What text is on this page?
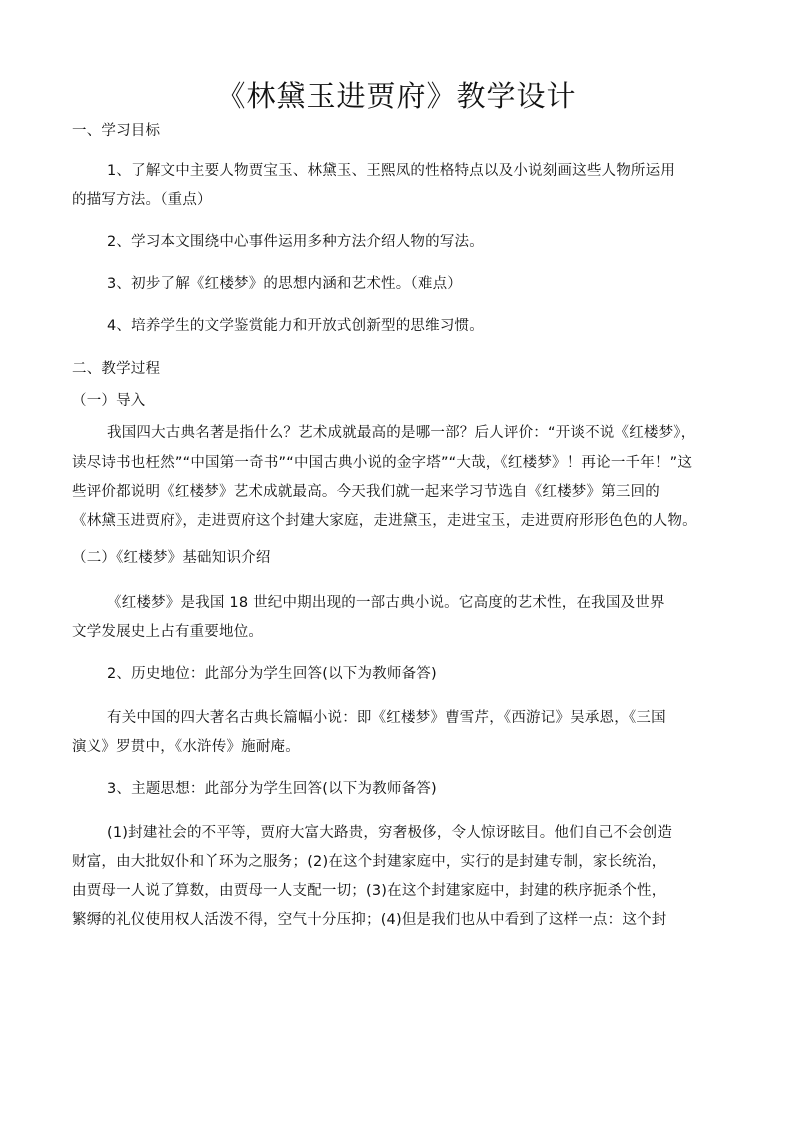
《林黛玉进贾府》教学设计

一、学习目标

1、了解文中主要人物贾宝玉、林黛玉、王熙凤的性格特点以及小说刻画这些人物所运用

的描写方法。（重点）

2、学习本文围绕中心事件运用多种方法介绍人物的写法。

3、初步了解《红楼梦》的思想内涵和艺术性。（难点）

4、培养学生的文学鉴赏能力和开放式创新型的思维习惯。

二、教学过程

（一）导入

我国四大古典名著是指什么？艺术成就最高的是哪一部？后人评价：“开谈不说《红楼梦》，

读尽诗书也枉然”“中国第一奇书”“中国古典小说的金字塔”“大哉，《红楼梦》！再论一千年！”这

些评价都说明《红楼梦》艺术成就最高。今天我们就一起来学习节选自《红楼梦》第三回的

《林黛玉进贾府》，走进贾府这个封建大家庭，走进黛玉，走进宝玉，走进贾府形形色色的人物。

（二）《红楼梦》基础知识介绍

《红楼梦》是我国 18 世纪中期出现的一部古典小说。它高度的艺术性，在我国及世界

文学发展史上占有重要地位。

2、历史地位：此部分为学生回答(以下为教师备答)

有关中国的四大著名古典长篇幅小说：即《红楼梦》曹雪芹，《西游记》吴承恩，《三国

演义》罗贯中，《水浒传》施耐庵。

3、主题思想：此部分为学生回答(以下为教师备答)

(1)封建社会的不平等，贾府大富大路贵，穷奢极侈，令人惊讶眩目。他们自己不会创造

财富，由大批奴仆和丫环为之服务；(2)在这个封建家庭中，实行的是封建专制，家长统治，

由贾母一人说了算数，由贾母一人支配一切；(3)在这个封建家庭中，封建的秩序扼杀个性，

繁缛的礼仪使用权人活泼不得，空气十分压抑；(4)但是我们也从中看到了这样一点：这个封
